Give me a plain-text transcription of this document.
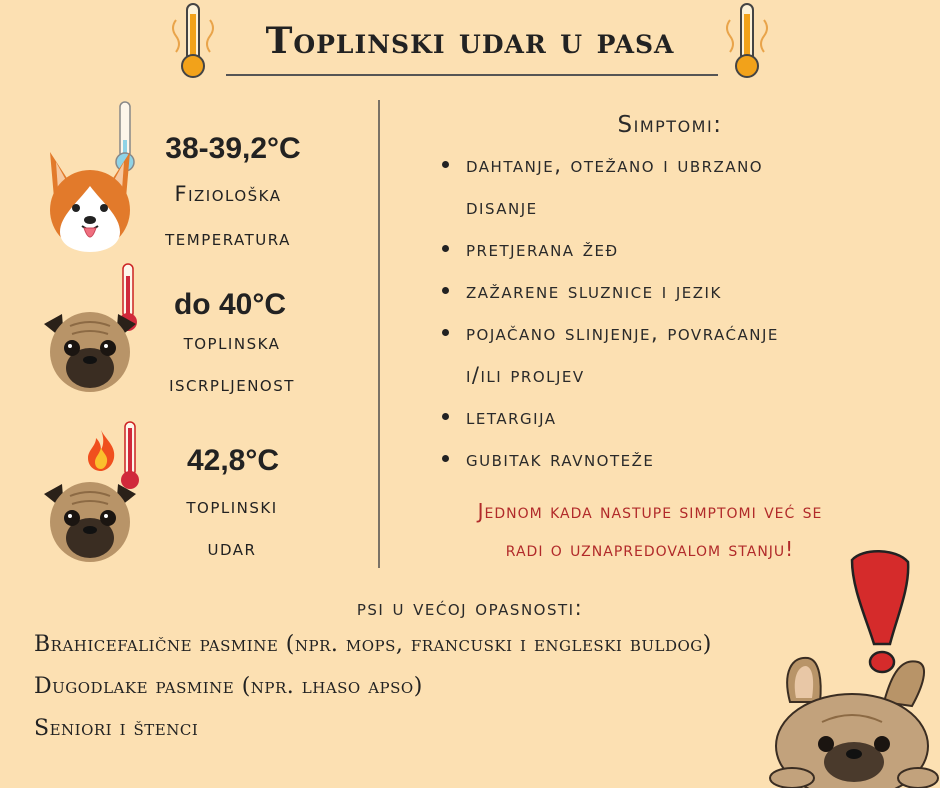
Toplinski udar u pasa
38-39,2°C
Fiziološka
temperatura
do 40°C
toplinska
iscrpljenost
42,8°C
toplinski
udar
Simptomi:
dahtanje, otežano i ubrzano
disanje
pretjerana žeđ
zažarene sluznice i jezik
pojačano slinjenje, povraćanje
i/ili proljev
letargija
gubitak ravnoteže
Jednom kada nastupe simptomi već se
radi o uznapredovalom stanju!
psi u većoj opasnosti:
Brahicefalične pasmine (npr. mops, francuski i engleski buldog)
Dugodlake pasmine (npr. lhaso apso)
Seniori i štenci
